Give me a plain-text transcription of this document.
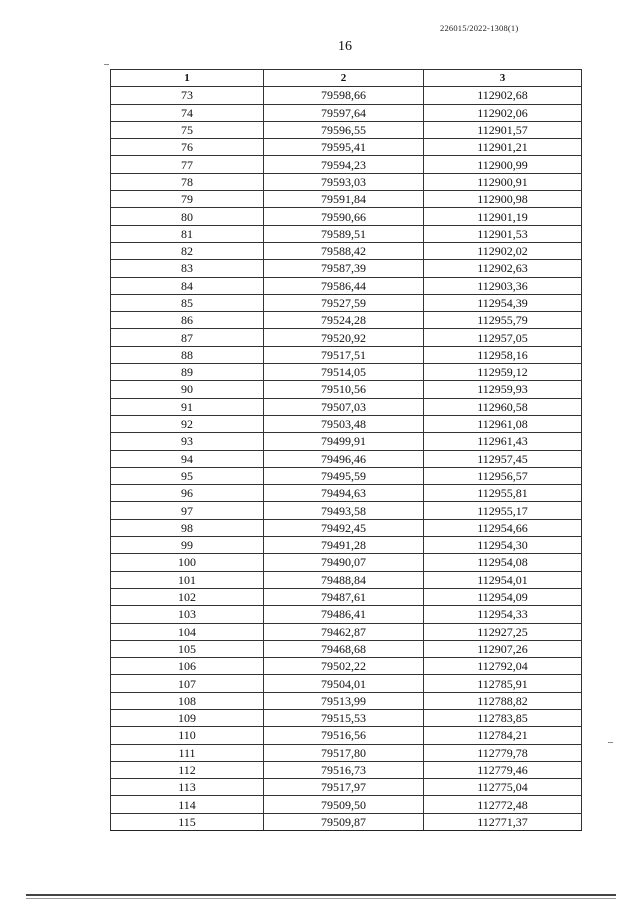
226015/2022-1308(1)
16
1	2	3
73	79598,66	112902,68
74	79597,64	112902,06
75	79596,55	112901,57
76	79595,41	112901,21
77	79594,23	112900,99
78	79593,03	112900,91
79	79591,84	112900,98
80	79590,66	112901,19
81	79589,51	112901,53
82	79588,42	112902,02
83	79587,39	112902,63
84	79586,44	112903,36
85	79527,59	112954,39
86	79524,28	112955,79
87	79520,92	112957,05
88	79517,51	112958,16
89	79514,05	112959,12
90	79510,56	112959,93
91	79507,03	112960,58
92	79503,48	112961,08
93	79499,91	112961,43
94	79496,46	112957,45
95	79495,59	112956,57
96	79494,63	112955,81
97	79493,58	112955,17
98	79492,45	112954,66
99	79491,28	112954,30
100	79490,07	112954,08
101	79488,84	112954,01
102	79487,61	112954,09
103	79486,41	112954,33
104	79462,87	112927,25
105	79468,68	112907,26
106	79502,22	112792,04
107	79504,01	112785,91
108	79513,99	112788,82
109	79515,53	112783,85
110	79516,56	112784,21
111	79517,80	112779,78
112	79516,73	112779,46
113	79517,97	112775,04
114	79509,50	112772,48
115	79509,87	112771,37
